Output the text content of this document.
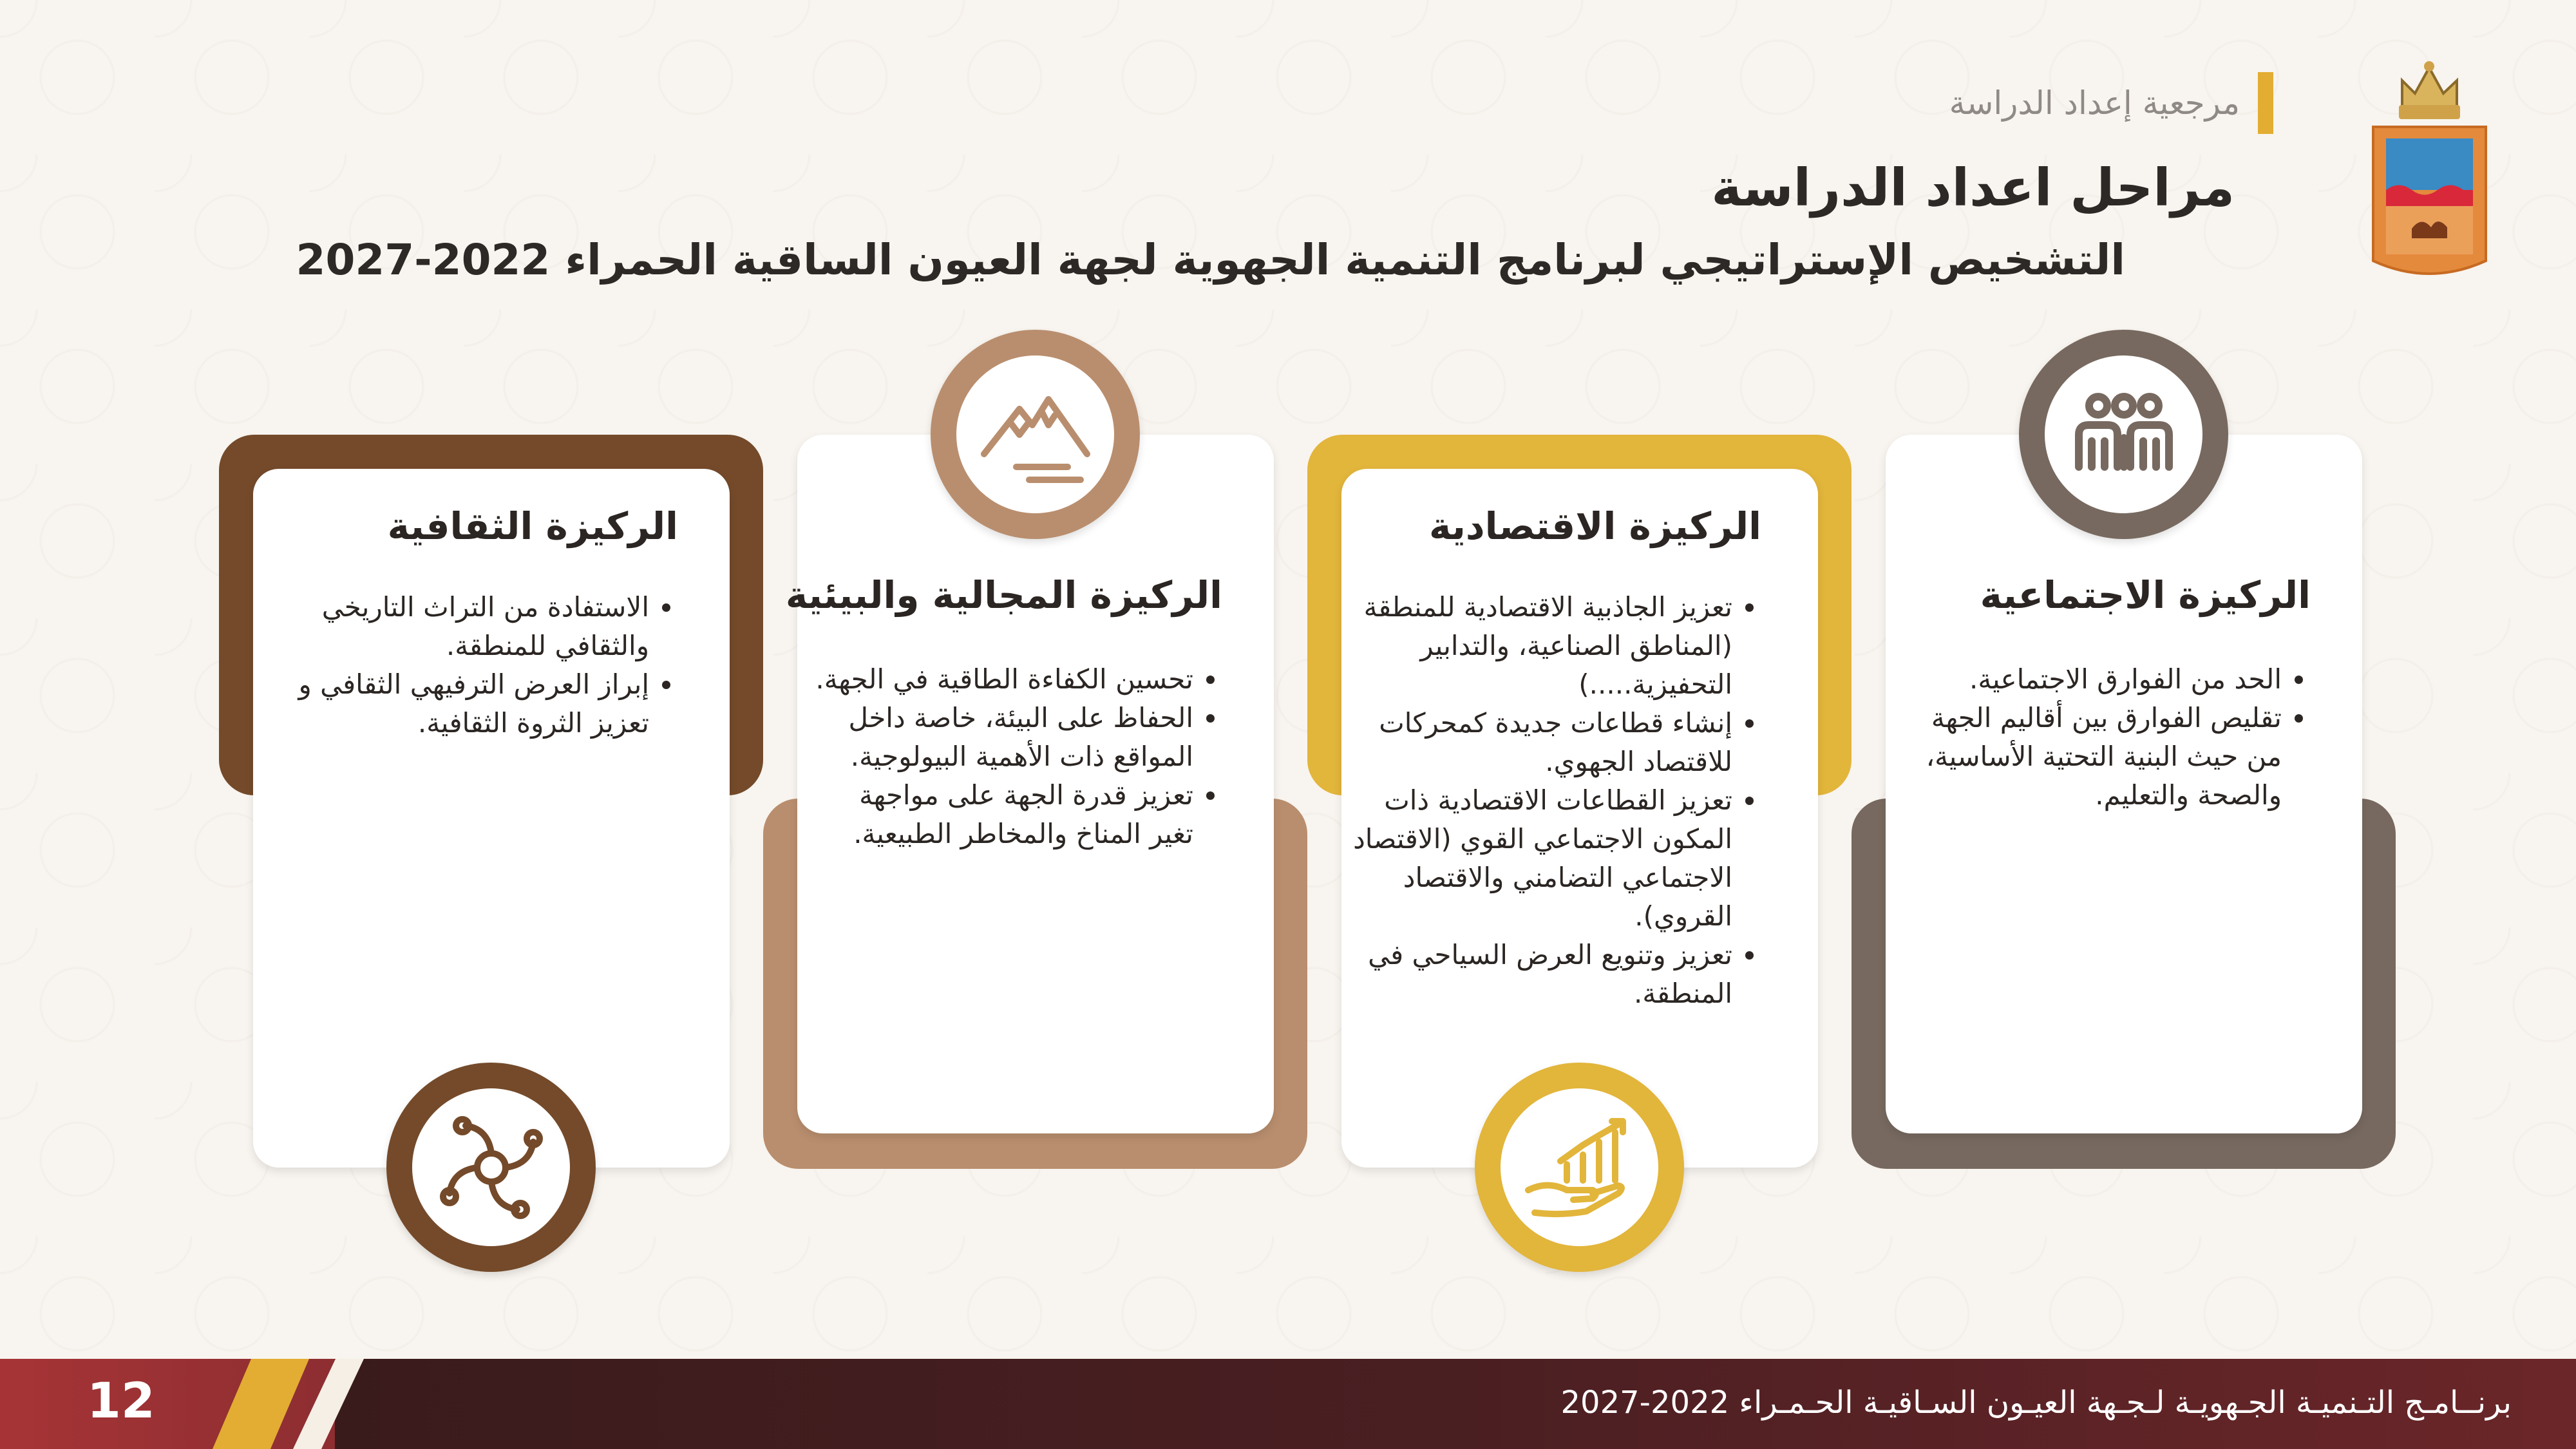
مرجعية إعداد الدراسة
مراحل اعداد الدراسة
التشخيص الإستراتيجي لبرنامج التنمية الجهوية لجهة العيون الساقية الحمراء 2022-2027
الركيزة الاجتماعية
• الحد من الفوارق الاجتماعية.
• تقليص الفوارق بين أقاليم الجهة من حيث البنية التحتية الأساسية، والصحة والتعليم.
الركيزة الاقتصادية
• تعزيز الجاذبية الاقتصادية للمنطقة (المناطق الصناعية، والتدابير التحفيزية.....)
• إنشاء قطاعات جديدة كمحركات للاقتصاد الجهوي.
• تعزيز القطاعات الاقتصادية ذات المكون الاجتماعي القوي (الاقتصاد الاجتماعي التضامني والاقتصاد القروي).
• تعزيز وتنويع العرض السياحي في المنطقة.
الركيزة المجالية والبيئية
• تحسين الكفاءة الطاقية في الجهة.
• الحفاظ على البيئة، خاصة داخل المواقع ذات الأهمية البيولوجية.
• تعزيز قدرة الجهة على مواجهة تغير المناخ والمخاطر الطبيعية.
الركيزة الثقافية
• الاستفادة من التراث التاريخي والثقافي للمنطقة.
• إبراز العرض الترفيهي الثقافي و تعزيز الثروة الثقافية.
12	برنــامـج التـنميـة الجـهويـة لـجـهة العيـون السـاقيـة الحـمـراء 2022-2027
